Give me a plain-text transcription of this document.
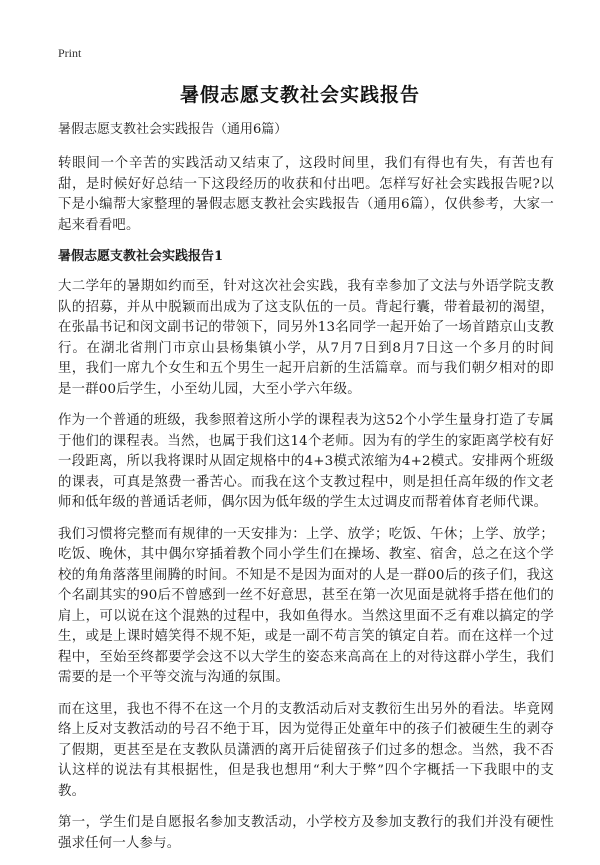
Print
暑假志愿支教社会实践报告

暑假志愿支教社会实践报告（通用6篇）

转眼间一个辛苦的实践活动又结束了，这段时间里，我们有得也有失，有苦也有甜，是时候好好总结一下这段经历的收获和付出吧。怎样写好社会实践报告呢?以下是小编帮大家整理的暑假志愿支教社会实践报告（通用6篇），仅供参考，大家一起来看看吧。

暑假志愿支教社会实践报告1

大二学年的暑期如约而至，针对这次社会实践，我有幸参加了文法与外语学院支教队的招募，并从中脱颖而出成为了这支队伍的一员。背起行囊，带着最初的渴望，在张晶书记和闵文副书记的带领下，同另外13名同学一起开始了一场首踏京山支教行。在湖北省荆门市京山县杨集镇小学，从7月7日到8月7日这一个多月的时间里，我们一席九个女生和五个男生一起开启新的生活篇章。而与我们朝夕相对的即是一群00后学生，小至幼儿园，大至小学六年级。

作为一个普通的班级，我参照着这所小学的课程表为这52个小学生量身打造了专属于他们的课程表。当然，也属于我们这14个老师。因为有的学生的家距离学校有好一段距离，所以我将课时从固定规格中的4+3模式浓缩为4+2模式。安排两个班级的课表，可真是煞费一番苦心。而我在这个支教过程中，则是担任高年级的作文老师和低年级的普通话老师，偶尔因为低年级的学生太过调皮而帮着体育老师代课。

我们习惯将完整而有规律的一天安排为：上学、放学；吃饭、午休；上学、放学；吃饭、晚休，其中偶尔穿插着教个同小学生们在操场、教室、宿舍，总之在这个学校的角角落落里闹腾的时间。不知是不是因为面对的人是一群00后的孩子们，我这个名副其实的90后不曾感到一丝不好意思，甚至在第一次见面是就将手搭在他们的肩上，可以说在这个混熟的过程中，我如鱼得水。当然这里面不乏有难以搞定的学生，或是上课时嬉笑得不规不矩，或是一副不苟言笑的镇定自若。而在这样一个过程中，至始至终都要学会这不以大学生的姿态来高高在上的对待这群小学生，我们需要的是一个平等交流与沟通的氛围。

而在这里，我也不得不在这一个月的支教活动后对支教衍生出另外的看法。毕竟网络上反对支教活动的号召不绝于耳，因为觉得正处童年中的孩子们被硬生生的剥夺了假期，更甚至是在支教队员潇洒的离开后徒留孩子们过多的想念。当然，我不否认这样的说法有其根据性，但是我也想用“利大于弊”四个字概括一下我眼中的支教。

第一，学生们是自愿报名参加支教活动，小学校方及参加支教行的我们并没有硬性强求任何一人参与。
